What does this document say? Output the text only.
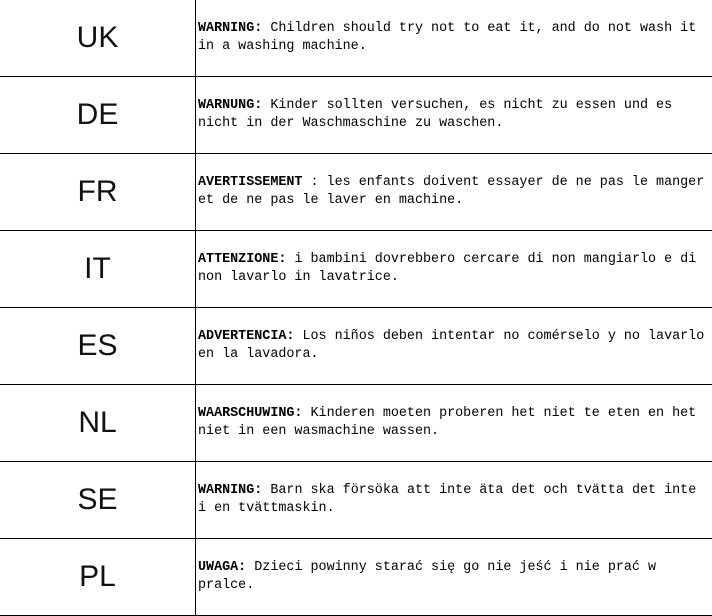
UK	WARNING: Children should try not to eat it, and do not wash it in a washing machine.
DE	WARNUNG: Kinder sollten versuchen, es nicht zu essen und es nicht in der Waschmaschine zu waschen.
FR	AVERTISSEMENT : les enfants doivent essayer de ne pas le manger et de ne pas le laver en machine.
IT	ATTENZIONE: i bambini dovrebbero cercare di non mangiarlo e di non lavarlo in lavatrice.
ES	ADVERTENCIA: Los niños deben intentar no comérselo y no lavarlo en la lavadora.
NL	WAARSCHUWING: Kinderen moeten proberen het niet te eten en het niet in een wasmachine wassen.
SE	WARNING: Barn ska försöka att inte äta det och tvätta det inte i en tvättmaskin.
PL	UWAGA: Dzieci powinny starać się go nie jeść i nie prać w pralce.
